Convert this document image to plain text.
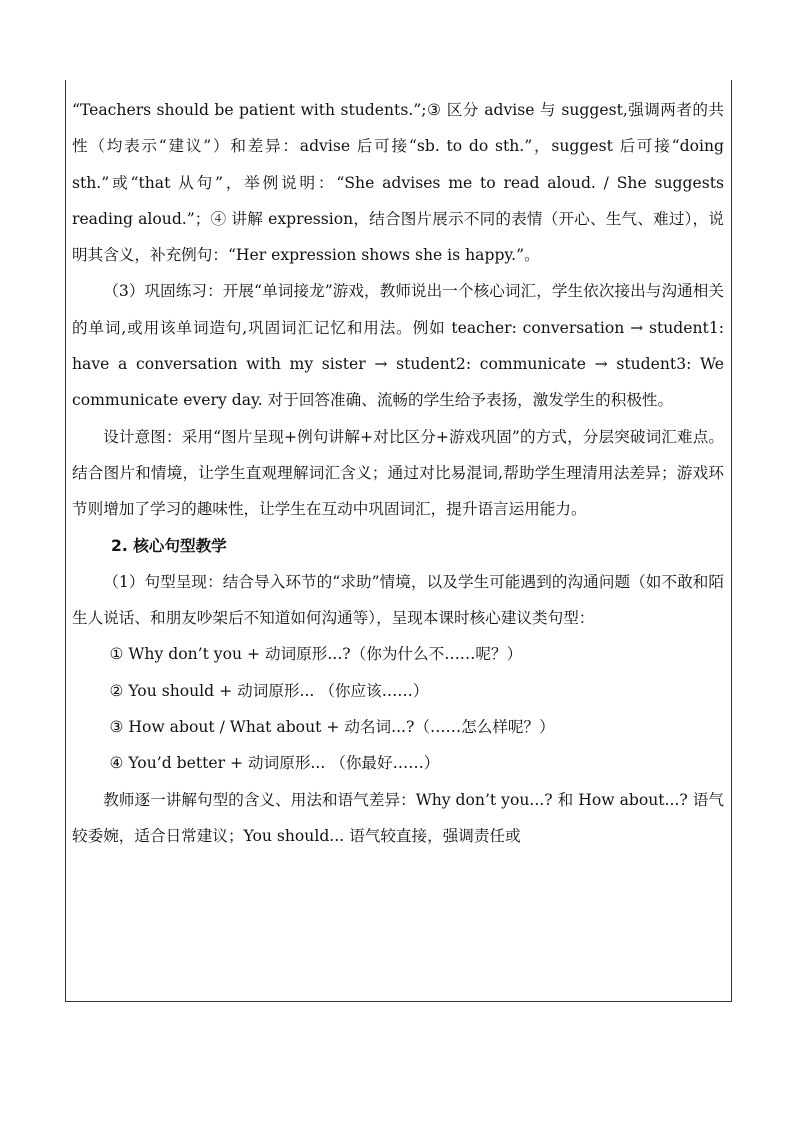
“Teachers should be patient with students.”;③ 区分 advise 与 suggest,强调两者的共性（均表示“建议”）和差异：advise 后可接“sb. to do sth.”，suggest 后可接“doing sth.”或“that 从句”，举例说明：“She advises me to read aloud. / She suggests reading aloud.”；④ 讲解 expression，结合图片展示不同的表情（开心、生气、难过），说明其含义，补充例句：“Her expression shows she is happy.”。

（3）巩固练习：开展“单词接龙”游戏，教师说出一个核心词汇，学生依次接出与沟通相关的单词,或用该单词造句,巩固词汇记忆和用法。例如 teacher: conversation → student1: have a conversation with my sister → student2: communicate → student3: We communicate every day. 对于回答准确、流畅的学生给予表扬，激发学生的积极性。

设计意图：采用“图片呈现+例句讲解+对比区分+游戏巩固”的方式，分层突破词汇难点。结合图片和情境，让学生直观理解词汇含义；通过对比易混词,帮助学生理清用法差异；游戏环节则增加了学习的趣味性，让学生在互动中巩固词汇，提升语言运用能力。

2. 核心句型教学

（1）句型呈现：结合导入环节的“求助”情境，以及学生可能遇到的沟通问题（如不敢和陌生人说话、和朋友吵架后不知道如何沟通等），呈现本课时核心建议类句型：

① Why don’t you + 动词原形...?（你为什么不……呢？）

② You should + 动词原形... （你应该……）

③ How about / What about + 动名词...?（……怎么样呢？）

④ You’d better + 动词原形... （你最好……）

教师逐一讲解句型的含义、用法和语气差异：Why don’t you...? 和 How about...? 语气较委婉，适合日常建议；You should... 语气较直接，强调责任或
